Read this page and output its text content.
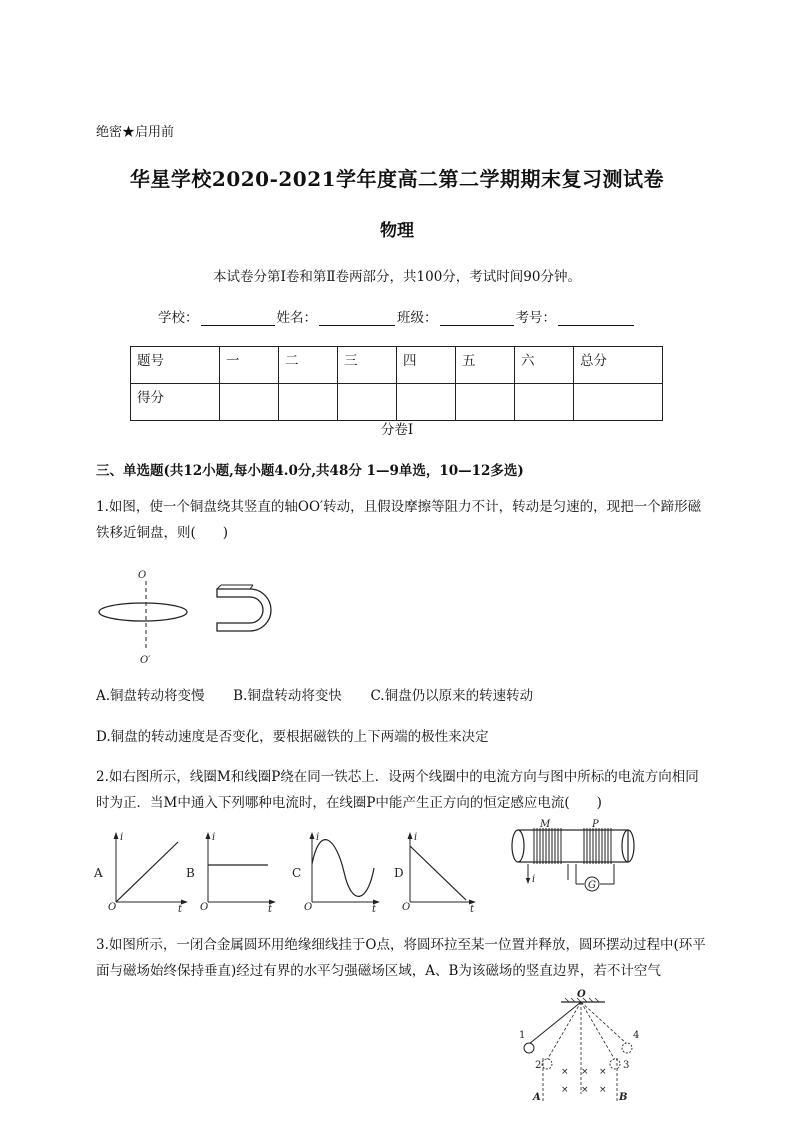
绝密★启用前
华星学校2020-2021学年度高二第二学期期末复习测试卷
物理
本试卷分第Ⅰ卷和第Ⅱ卷两部分，共100分，考试时间90分钟。
学校：	姓名：	班级：	考号：
题号	一	二	三	四	五	六	总分
得分							
分卷I
三、单选题(共12小题,每小题4.0分,共48分 1—9单选，10—12多选)
1.如图，使一个铜盘绕其竖直的轴OO′转动，且假设摩擦等阻力不计，转动是匀速的，现把一个蹄形磁铁移近铜盘，则(　　)
O
O′
A.铜盘转动将变慢 B.铜盘转动将变快 C.铜盘仍以原来的转速转动
D.铜盘的转动速度是否变化，要根据磁铁的上下两端的极性来决定
2.如右图所示，线圈M和线圈P绕在同一铁芯上．设两个线圈中的电流方向与图中所标的电流方向相同时为正．当M中通入下列哪种电流时，在线圈P中能产生正方向的恒定感应电流(　　)
A
i
O	t
B
i
O	t
C
i
O	t
D
i
O	t
M	P
i
G
3.如图所示，一闭合金属圆环用绝缘细线挂于O点，将圆环拉至某一位置并释放，圆环摆动过程中(环平面与磁场始终保持垂直)经过有界的水平匀强磁场区域，A、B为该磁场的竖直边界，若不计空气
O
1
2	3
4
× × ×
× × ×
A	B
